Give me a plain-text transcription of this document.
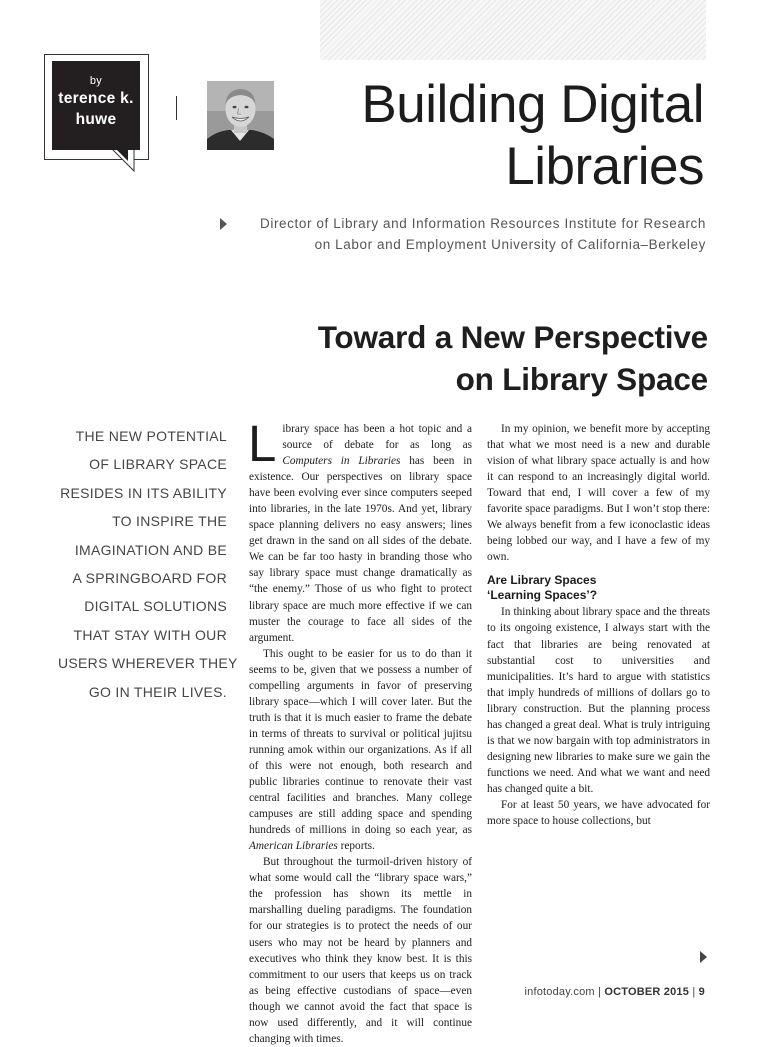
by
terence k.
huwe	Building Digital
Libraries
Director of Library and Information Resources Institute for Research
on Labor and Employment University of California–Berkeley
Toward a New Perspective
on Library Space
THE NEW POTENTIAL
OF LIBRARY SPACE
RESIDES IN ITS ABILITY
TO INSPIRE THE
IMAGINATION AND BE
A SPRINGBOARD FOR
DIGITAL SOLUTIONS
THAT STAY WITH OUR
USERS WHEREVER THEY
GO IN THEIR LIVES.

Library space has been a hot topic and a source of debate for as long as Computers in Libraries has been in existence. Our perspectives on library space have been evolving ever since computers seeped into libraries, in the late 1970s. And yet, library space planning delivers no easy answers; lines get drawn in the sand on all sides of the debate. We can be far too hasty in branding those who say library space must change dramatically as “the enemy.” Those of us who fight to protect library space are much more effective if we can muster the courage to face all sides of the argument.

This ought to be easier for us to do than it seems to be, given that we possess a number of compelling arguments in favor of preserving library space—which I will cover later. But the truth is that it is much easier to frame the debate in terms of threats to survival or political jujitsu running amok within our organizations. As if all of this were not enough, both research and public libraries continue to renovate their vast central facilities and branches. Many college campuses are still adding space and spending hundreds of millions in doing so each year, as American Libraries reports.

But throughout the turmoil-driven history of what some would call the “library space wars,” the profession has shown its mettle in marshalling dueling paradigms. The foundation for our strategies is to protect the needs of our users who may not be heard by planners and executives who think they know best. It is this commitment to our users that keeps us on track as being effective custodians of space—even though we cannot avoid the fact that space is now used differently, and it will continue changing with times.

In my opinion, we benefit more by accepting that what we most need is a new and durable vision of what library space actually is and how it can respond to an increasingly digital world. Toward that end, I will cover a few of my favorite space paradigms. But I won’t stop there: We always benefit from a few iconoclastic ideas being lobbed our way, and I have a few of my own.

Are Library Spaces
‘Learning Spaces’?

In thinking about library space and the threats to its ongoing existence, I always start with the fact that libraries are being renovated at substantial cost to universities and municipalities. It’s hard to argue with statistics that imply hundreds of millions of dollars go to library construction. But the planning process has changed a great deal. What is truly intriguing is that we now bargain with top administrators in designing new libraries to make sure we gain the functions we need. And what we want and need has changed quite a bit.

For at least 50 years, we have advocated for more space to house collections, but

infotoday.com | OCTOBER 2015 | 9
